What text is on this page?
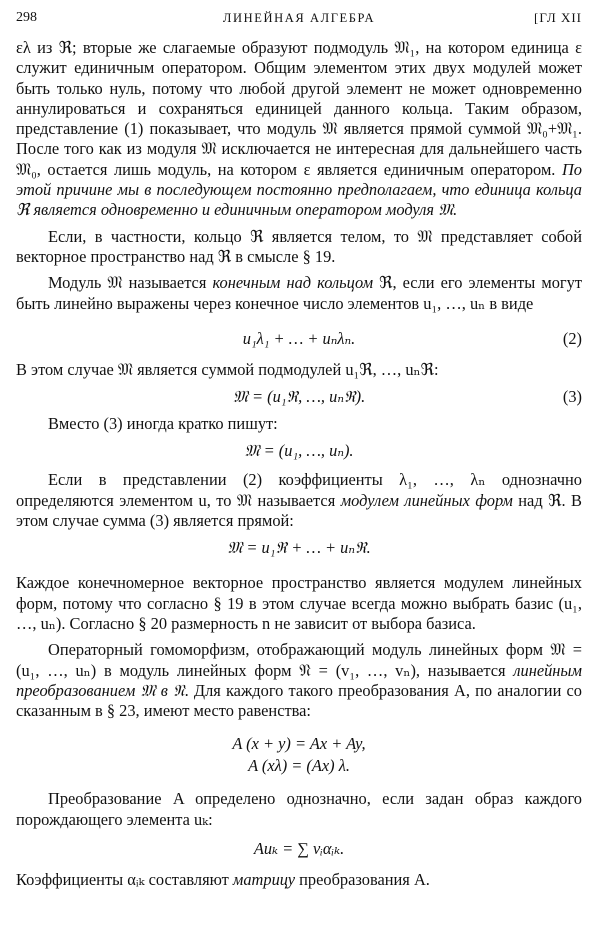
298	ЛИНЕЙНАЯ АЛГЕБРА	[ГЛ XII

ελ из ℜ; вторые же слагаемые образуют подмодуль 𝔐₁, на котором единица ε служит единичным оператором. Общим элементом этих двух модулей может быть только нуль, потому что любой другой элемент не может одновременно аннулироваться и сохраняться единицей данного кольца. Таким образом, представление (1) показывает, что модуль 𝔐 является прямой суммой 𝔐₀+𝔐₁. После того как из модуля 𝔐 исключается не интересная для дальнейшего часть 𝔐₀, остается лишь модуль, на котором ε является единичным оператором. По этой причине мы в последующем постоянно предполагаем, что единица кольца ℜ является одновременно и единичным оператором модуля 𝔐.

Если, в частности, кольцо ℜ является телом, то 𝔐 представляет собой векторное пространство над ℜ в смысле § 19.

Модуль 𝔐 называется конечным над кольцом ℜ, если его элементы могут быть линейно выражены через конечное число элементов u₁, …, uₙ в виде

u₁λ₁ + … + uₙλₙ.	(2)

В этом случае 𝔐 является суммой подмодулей u₁ℜ, …, uₙℜ:

𝔐 = (u₁ℜ, …, uₙℜ).	(3)

Вместо (3) иногда кратко пишут:

𝔐 = (u₁, …, uₙ).

Если в представлении (2) коэффициенты λ₁, …, λₙ однозначно определяются элементом u, то 𝔐 называется модулем линейных форм над ℜ. В этом случае сумма (3) является прямой:

𝔐 = u₁ℜ + … + uₙℜ.

Каждое конечномерное векторное пространство является модулем линейных форм, потому что согласно § 19 в этом случае всегда можно выбрать базис (u₁, …, uₙ). Согласно § 20 размерность n не зависит от выбора базиса.

Операторный гомоморфизм, отображающий модуль линейных форм 𝔐 = (u₁, …, uₙ) в модуль линейных форм 𝔑 = (v₁, …, vₙ), называется линейным преобразованием 𝔐 в 𝔑. Для каждого такого преобразования A, по аналогии со сказанным в § 23, имеют место равенства:

A (x + y) = Ax + Ay,
A (xλ) = (Ax) λ.

Преобразование A определено однозначно, если задан образ каждого порождающего элемента uₖ:

Auₖ = ∑ vᵢαᵢₖ.

Коэффициенты αᵢₖ составляют матрицу преобразования A.
